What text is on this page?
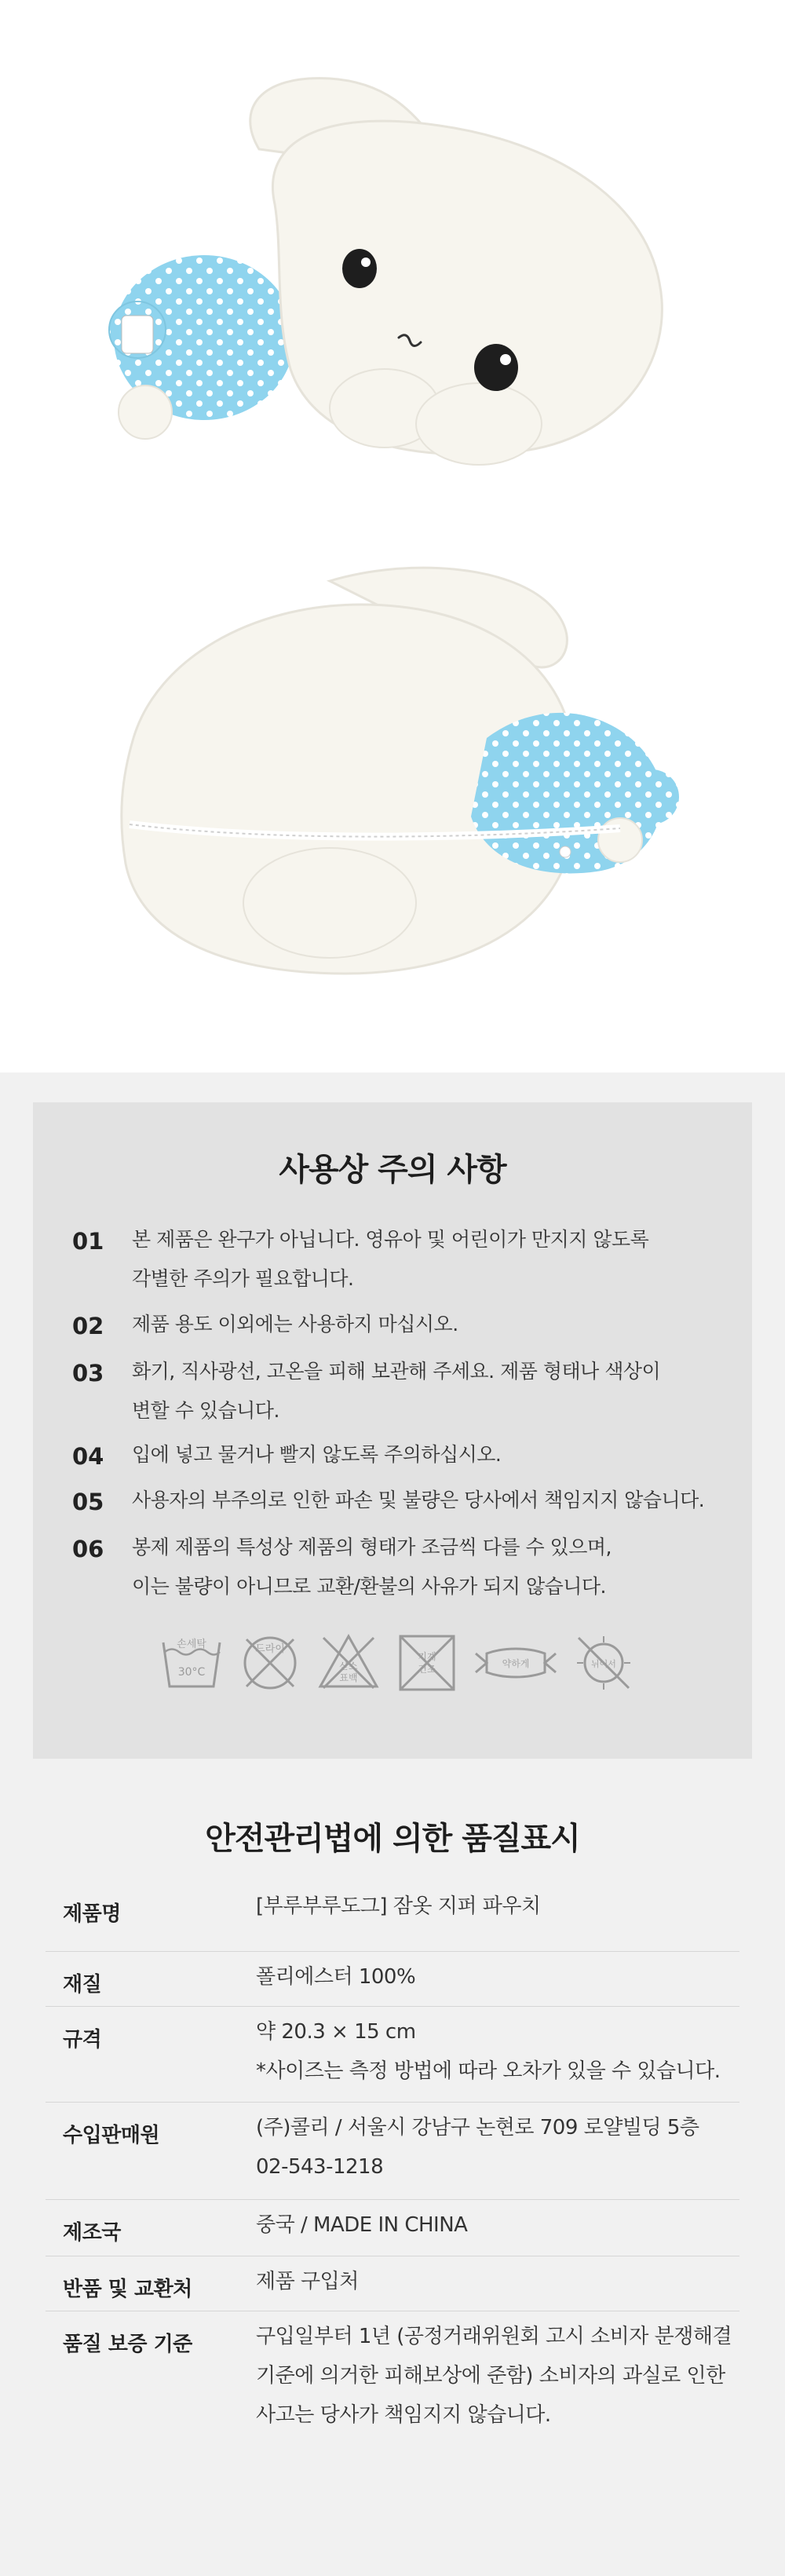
사용상 주의 사항
01 본 제품은 완구가 아닙니다. 영유아 및 어린이가 만지지 않도록
각별한 주의가 필요합니다.
02 제품 용도 이외에는 사용하지 마십시오.
03 화기, 직사광선, 고온을 피해 보관해 주세요. 제품 형태나 색상이
변할 수 있습니다.
04 입에 넣고 물거나 빨지 않도록 주의하십시오.
05 사용자의 부주의로 인한 파손 및 불량은 당사에서 책임지지 않습니다.
06 봉제 제품의 특성상 제품의 형태가 조금씩 다를 수 있으며,
이는 불량이 아니므로 교환/환불의 사유가 되지 않습니다.
손세탁
30°C
드라이
산소
표백
기계
건조	약하게	뉘어서
안전관리법에 의한 품질표시
제품명	[부루부루도그] 잠옷 지퍼 파우치
재질	폴리에스터 100%
규격	약 20.3 × 15 cm
*사이즈는 측정 방법에 따라 오차가 있을 수 있습니다.
수입판매원	(주)콜리 / 서울시 강남구 논현로 709 로얄빌딩 5층
02-543-1218
제조국	중국 / MADE IN CHINA
반품 및 교환처	제품 구입처
품질 보증 기준	구입일부터 1년 (공정거래위원회 고시 소비자 분쟁해결
기준에 의거한 피해보상에 준함) 소비자의 과실로 인한
사고는 당사가 책임지지 않습니다.
